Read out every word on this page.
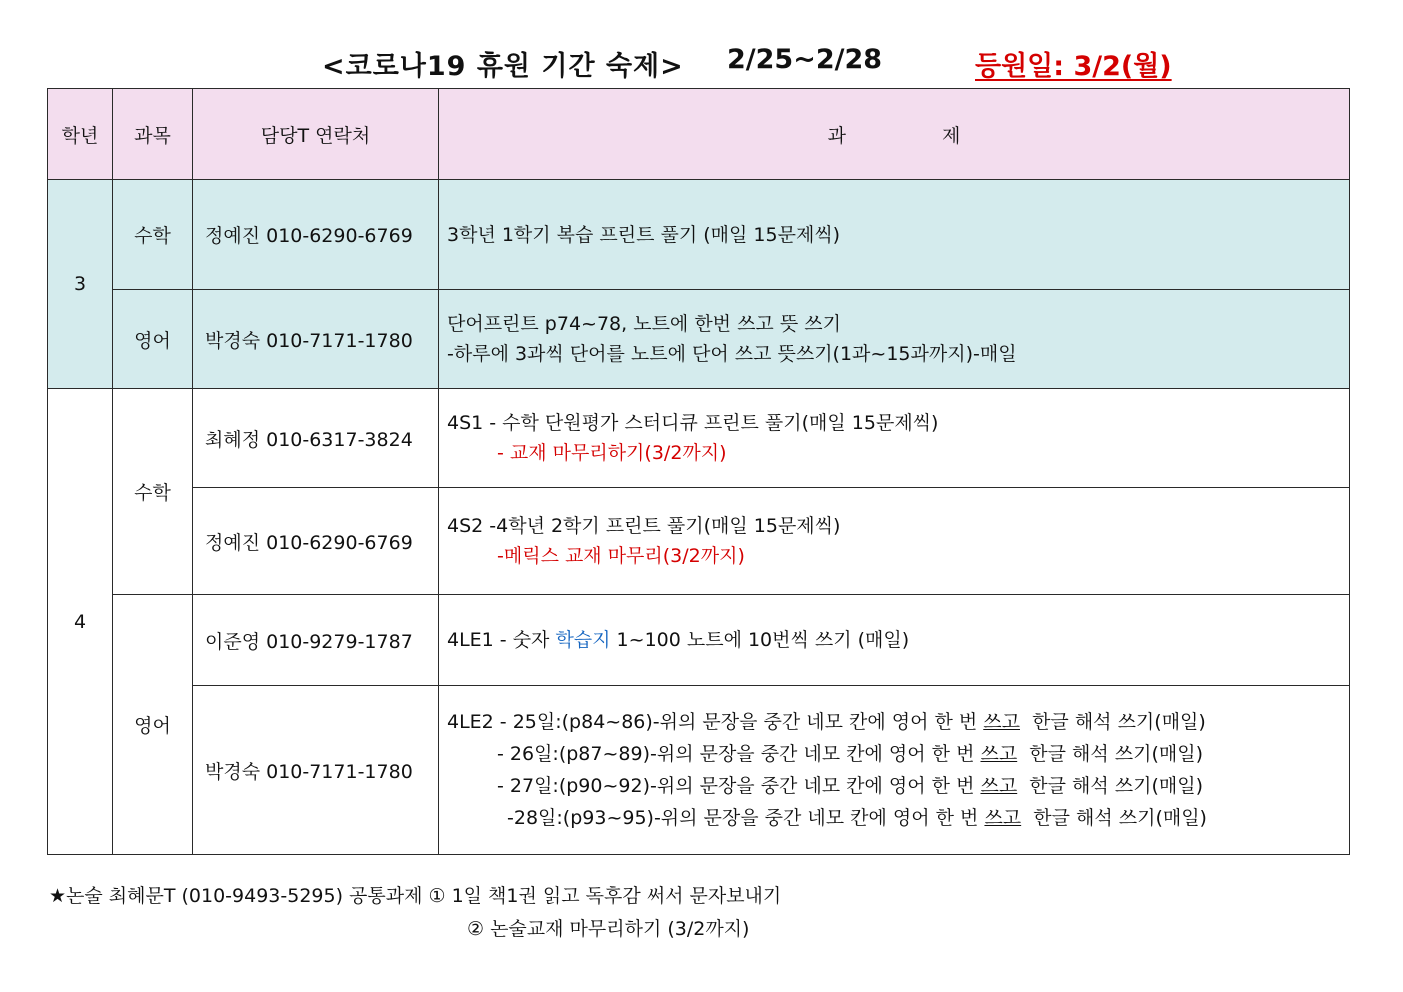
<코로나19 휴원 기간 숙제> 2/25~2/28	등원일: 3/2(월)
학년	과목	담당T 연락처	과 제
3	수학	정예진 010-6290-6769	3학년 1학기 복습 프린트 풀기 (매일 15문제씩)

	영어	박경숙 010-7171-1780	단어프린트 p74~78, 노트에 한번 쓰고 뜻 쓰기
-하루에 3과씩 단어를 노트에 단어 쓰고 뜻쓰기(1과~15과까지)-매일

4	수학	최혜정 010-6317-3824	4S1 - 수학 단원평가 스터디큐 프린트 풀기(매일 15문제씩)
- 교재 마무리하기(3/2까지)

		정예진 010-6290-6769	4S2 -4학년 2학기 프린트 풀기(매일 15문제씩)
-메릭스 교재 마무리(3/2까지)

	영어	이준영 010-9279-1787	4LE1 - 숫자 학습지 1~100 노트에 10번씩 쓰기 (매일)

		박경숙 010-7171-1780	4LE2 - 25일:(p84~86)-위의 문장을 중간 네모 칸에 영어 한 번 쓰고  한글 해석 쓰기(매일)
- 26일:(p87~89)-위의 문장을 중간 네모 칸에 영어 한 번 쓰고  한글 해석 쓰기(매일)
- 27일:(p90~92)-위의 문장을 중간 네모 칸에 영어 한 번 쓰고  한글 해석 쓰기(매일)
-28일:(p93~95)-위의 문장을 중간 네모 칸에 영어 한 번 쓰고  한글 해석 쓰기(매일)
★논술 최혜문T (010-9493-5295) 공통과제 ① 1일 책1권 읽고 독후감 써서 문자보내기
② 논술교재 마무리하기 (3/2까지)
